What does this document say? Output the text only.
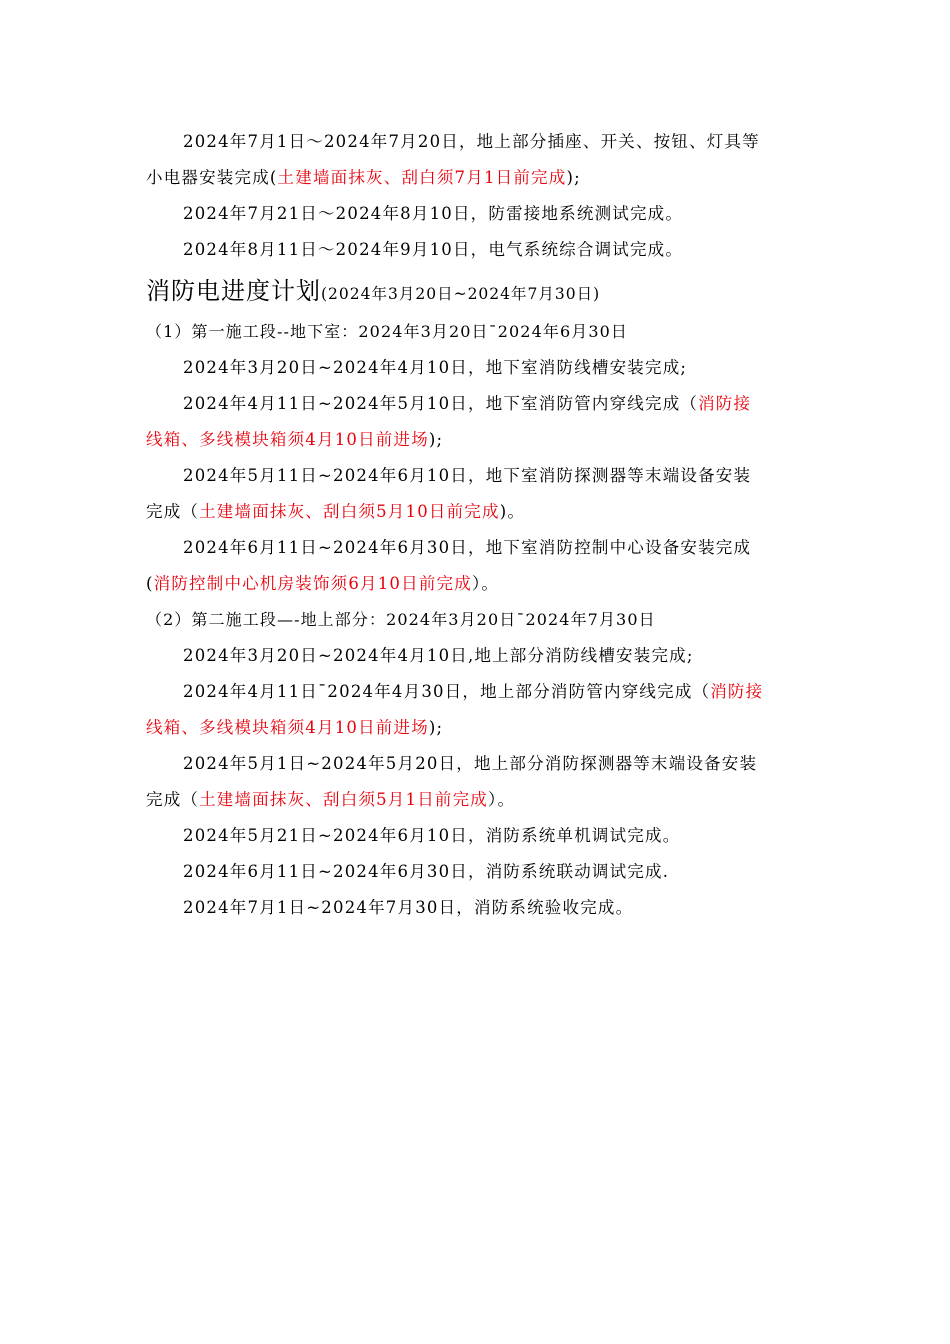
2024年7月1日～2024年7月20日，地上部分插座、开关、按钮、灯具等
小电器安装完成(土建墙面抹灰、刮白须7月1日前完成);
2024年7月21日～2024年8月10日，防雷接地系统测试完成。
2024年8月11日～2024年9月10日，电气系统综合调试完成。
消防电进度计划(2024年3月20日~2024年7月30日)
（1）第一施工段--地下室：2024年3月20日¯2024年6月30日
2024年3月20日~2024年4月10日，地下室消防线槽安装完成;
2024年4月11日~2024年5月10日，地下室消防管内穿线完成（消防接
线箱、多线模块箱须4月10日前进场);
2024年5月11日~2024年6月10日，地下室消防探测器等末端设备安装
完成（土建墙面抹灰、刮白须5月10日前完成)。
2024年6月11日~2024年6月30日，地下室消防控制中心设备安装完成
(消防控制中心机房装饰须6月10日前完成）。
（2）第二施工段—-地上部分：2024年3月20日¯2024年7月30日
2024年3月20日~2024年4月10日,地上部分消防线槽安装完成;
2024年4月11日¯2024年4月30日，地上部分消防管内穿线完成（消防接
线箱、多线模块箱须4月10日前进场);
2024年5月1日~2024年5月20日，地上部分消防探测器等末端设备安装
完成（土建墙面抹灰、刮白须5月1日前完成）。
2024年5月21日~2024年6月10日，消防系统单机调试完成。
2024年6月11日~2024年6月30日，消防系统联动调试完成.
2024年7月1日~2024年7月30日，消防系统验收完成。
